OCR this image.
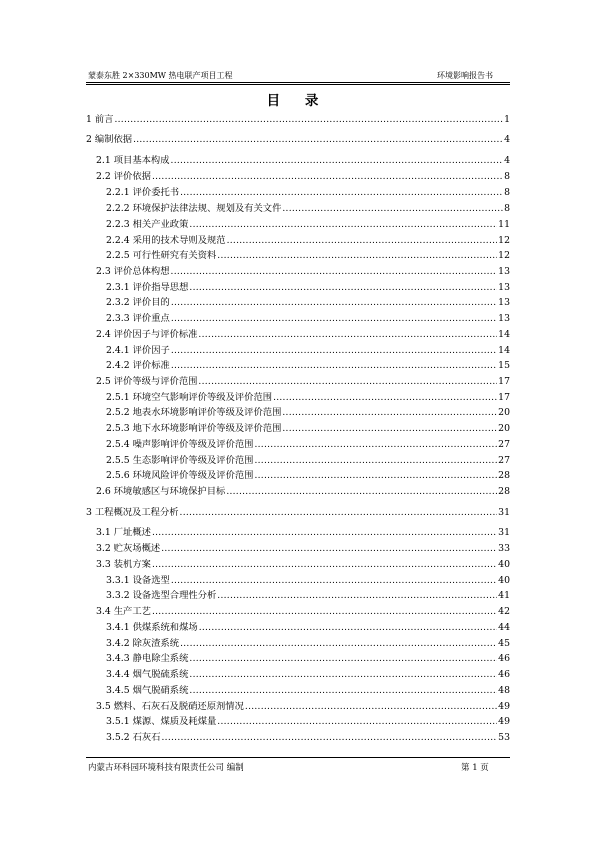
蒙泰东胜 2×330MW 热电联产项目工程	环境影响报告书
目 录
1 前言 .....	1
2 编制依据 .....	4
2.1 项目基本构成 .....	4
2.2 评价依据 .....	8
2.2.1 评价委托书 .....	8
2.2.2 环境保护法律法规、规划及有关文件 .....	8
2.2.3 相关产业政策 .....	11
2.2.4 采用的技术导则及规范 .....	12
2.2.5 可行性研究有关资料 .....	12
2.3 评价总体构想 .....	13
2.3.1 评价指导思想 .....	13
2.3.2 评价目的 .....	13
2.3.3 评价重点 .....	13
2.4 评价因子与评价标准 .....	14
2.4.1 评价因子 .....	14
2.4.2 评价标准 .....	15
2.5 评价等级与评价范围 .....	17
2.5.1 环境空气影响评价等级及评价范围 .....	17
2.5.2 地表水环境影响评价等级及评价范围 .....	20
2.5.3 地下水环境影响评价等级及评价范围 .....	20
2.5.4 噪声影响评价等级及评价范围 .....	27
2.5.5 生态影响评价等级及评价范围 .....	27
2.5.6 环境风险评价等级及评价范围 .....	28
2.6 环境敏感区与环境保护目标 .....	28
3 工程概况及工程分析 .....	31
3.1 厂址概述 .....	31
3.2 贮灰场概述 .....	33
3.3 装机方案 .....	40
3.3.1 设备选型 .....	40
3.3.2 设备选型合理性分析 .....	41
3.4 生产工艺 .....	42
3.4.1 供煤系统和煤场 .....	44
3.4.2 除灰渣系统 .....	45
3.4.3 静电除尘系统 .....	46
3.4.4 烟气脱硫系统 .....	46
3.4.5 烟气脱硝系统 .....	48
3.5 燃料、石灰石及脱硝还原剂情况 .....	49
3.5.1 煤源、煤质及耗煤量 .....	49
3.5.2 石灰石 .....	53
内蒙古环科园环境科技有限责任公司 编制	第 1 页
